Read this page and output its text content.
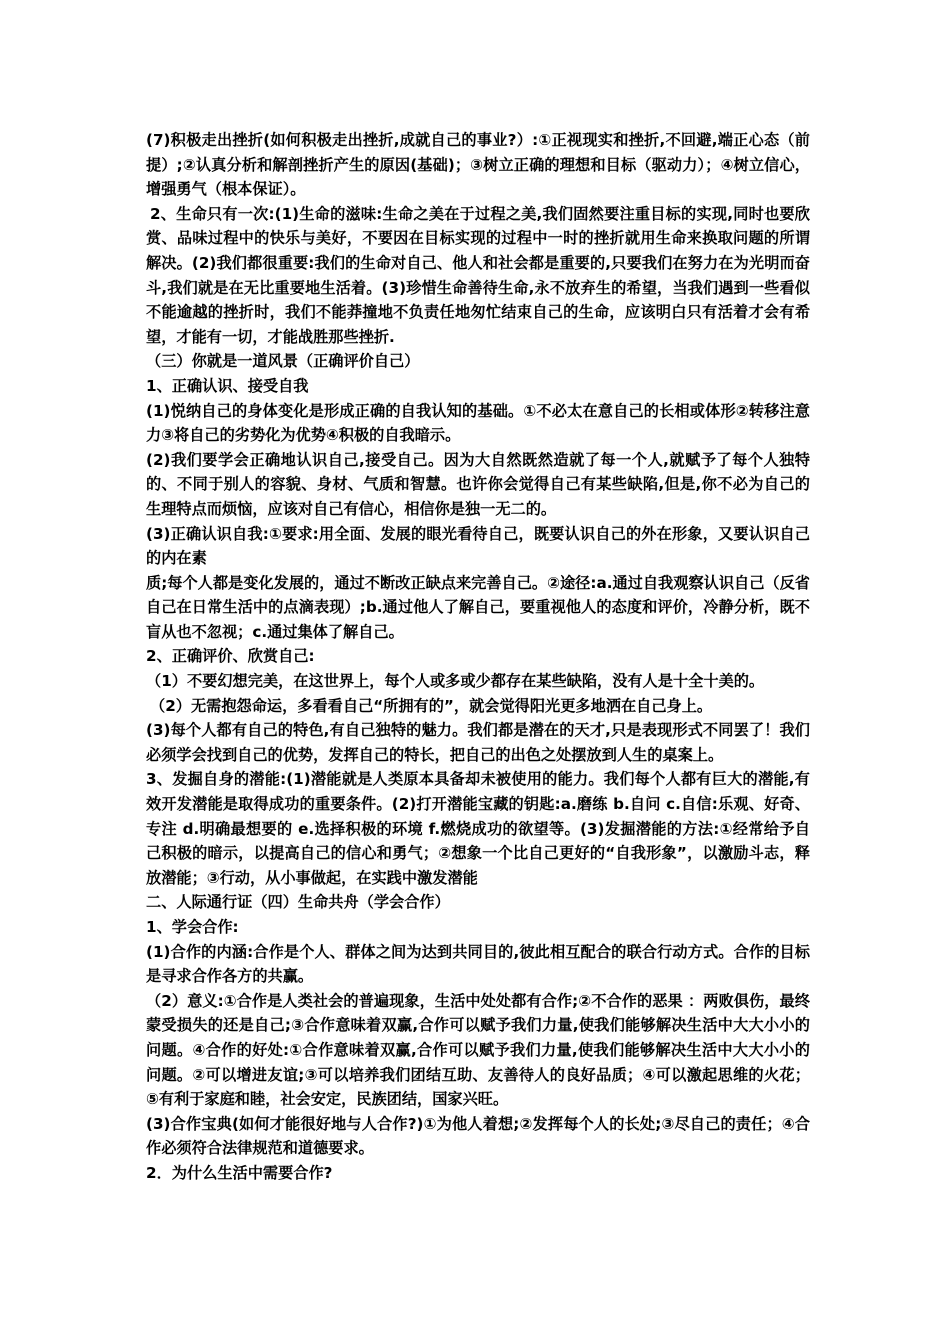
(7)积极走出挫折(如何积极走出挫折,成就自己的事业?）:①正视现实和挫折,不回避,端正心态（前提）;②认真分析和解剖挫折产生的原因(基础)；③树立正确的理想和目标（驱动力）；④树立信心，增强勇气（根本保证）。

2、生命只有一次:(1)生命的滋味:生命之美在于过程之美,我们固然要注重目标的实现,同时也要欣赏、品味过程中的快乐与美好，不要因在目标实现的过程中一时的挫折就用生命来换取问题的所谓解决。(2)我们都很重要:我们的生命对自己、他人和社会都是重要的,只要我们在努力在为光明而奋斗,我们就是在无比重要地生活着。(3)珍惜生命善待生命,永不放弃生的希望，当我们遇到一些看似不能逾越的挫折时，我们不能莽撞地不负责任地匆忙结束自己的生命，应该明白只有活着才会有希望，才能有一切，才能战胜那些挫折.

（三）你就是一道风景（正确评价自己）

1、正确认识、接受自我

(1)悦纳自己的身体变化是形成正确的自我认知的基础。①不必太在意自己的长相或体形②转移注意力③将自己的劣势化为优势④积极的自我暗示。

(2)我们要学会正确地认识自己,接受自己。因为大自然既然造就了每一个人,就赋予了每个人独特的、不同于别人的容貌、身材、气质和智慧。也许你会觉得自己有某些缺陷,但是,你不必为自己的生理特点而烦恼，应该对自己有信心，相信你是独一无二的。

(3)正确认识自我:①要求:用全面、发展的眼光看待自己，既要认识自己的外在形象，又要认识自己的内在素

质;每个人都是变化发展的，通过不断改正缺点来完善自己。②途径:a.通过自我观察认识自己（反省自己在日常生活中的点滴表现）;b.通过他人了解自己，要重视他人的态度和评价，冷静分析，既不盲从也不忽视；c.通过集体了解自己。

2、正确评价、欣赏自己:

（1）不要幻想完美，在这世界上，每个人或多或少都存在某些缺陷，没有人是十全十美的。

（2）无需抱怨命运，多看看自己“所拥有的”，就会觉得阳光更多地洒在自己身上。

(3)每个人都有自己的特色,有自己独特的魅力。我们都是潜在的天才,只是表现形式不同罢了！我们必须学会找到自己的优势，发挥自己的特长，把自己的出色之处摆放到人生的桌案上。

3、发掘自身的潜能:(1)潜能就是人类原本具备却未被使用的能力。我们每个人都有巨大的潜能,有效开发潜能是取得成功的重要条件。(2)打开潜能宝藏的钥匙:a.磨练 b.自问 c.自信:乐观、好奇、专注 d.明确最想要的 e.选择积极的环境 f.燃烧成功的欲望等。(3)发掘潜能的方法:①经常给予自己积极的暗示，以提高自己的信心和勇气；②想象一个比自己更好的“自我形象”，以激励斗志，释放潜能；③行动，从小事做起，在实践中激发潜能

二、人际通行证（四）生命共舟（学会合作）

1、学会合作:

(1)合作的内涵:合作是个人、群体之间为达到共同目的,彼此相互配合的联合行动方式。合作的目标是寻求合作各方的共赢。

（2）意义:①合作是人类社会的普遍现象，生活中处处都有合作;②不合作的恶果 ：两败俱伤，最终蒙受损失的还是自己;③合作意味着双赢,合作可以赋予我们力量,使我们能够解决生活中大大小小的问题。④合作的好处:①合作意味着双赢,合作可以赋予我们力量,使我们能够解决生活中大大小小的问题。②可以增进友谊;③可以培养我们团结互助、友善待人的良好品质；④可以激起思维的火花；⑤有利于家庭和睦，社会安定，民族团结，国家兴旺。

(3)合作宝典(如何才能很好地与人合作?)①为他人着想;②发挥每个人的长处;③尽自己的责任；④合作必须符合法律规范和道德要求。

2．为什么生活中需要合作?
